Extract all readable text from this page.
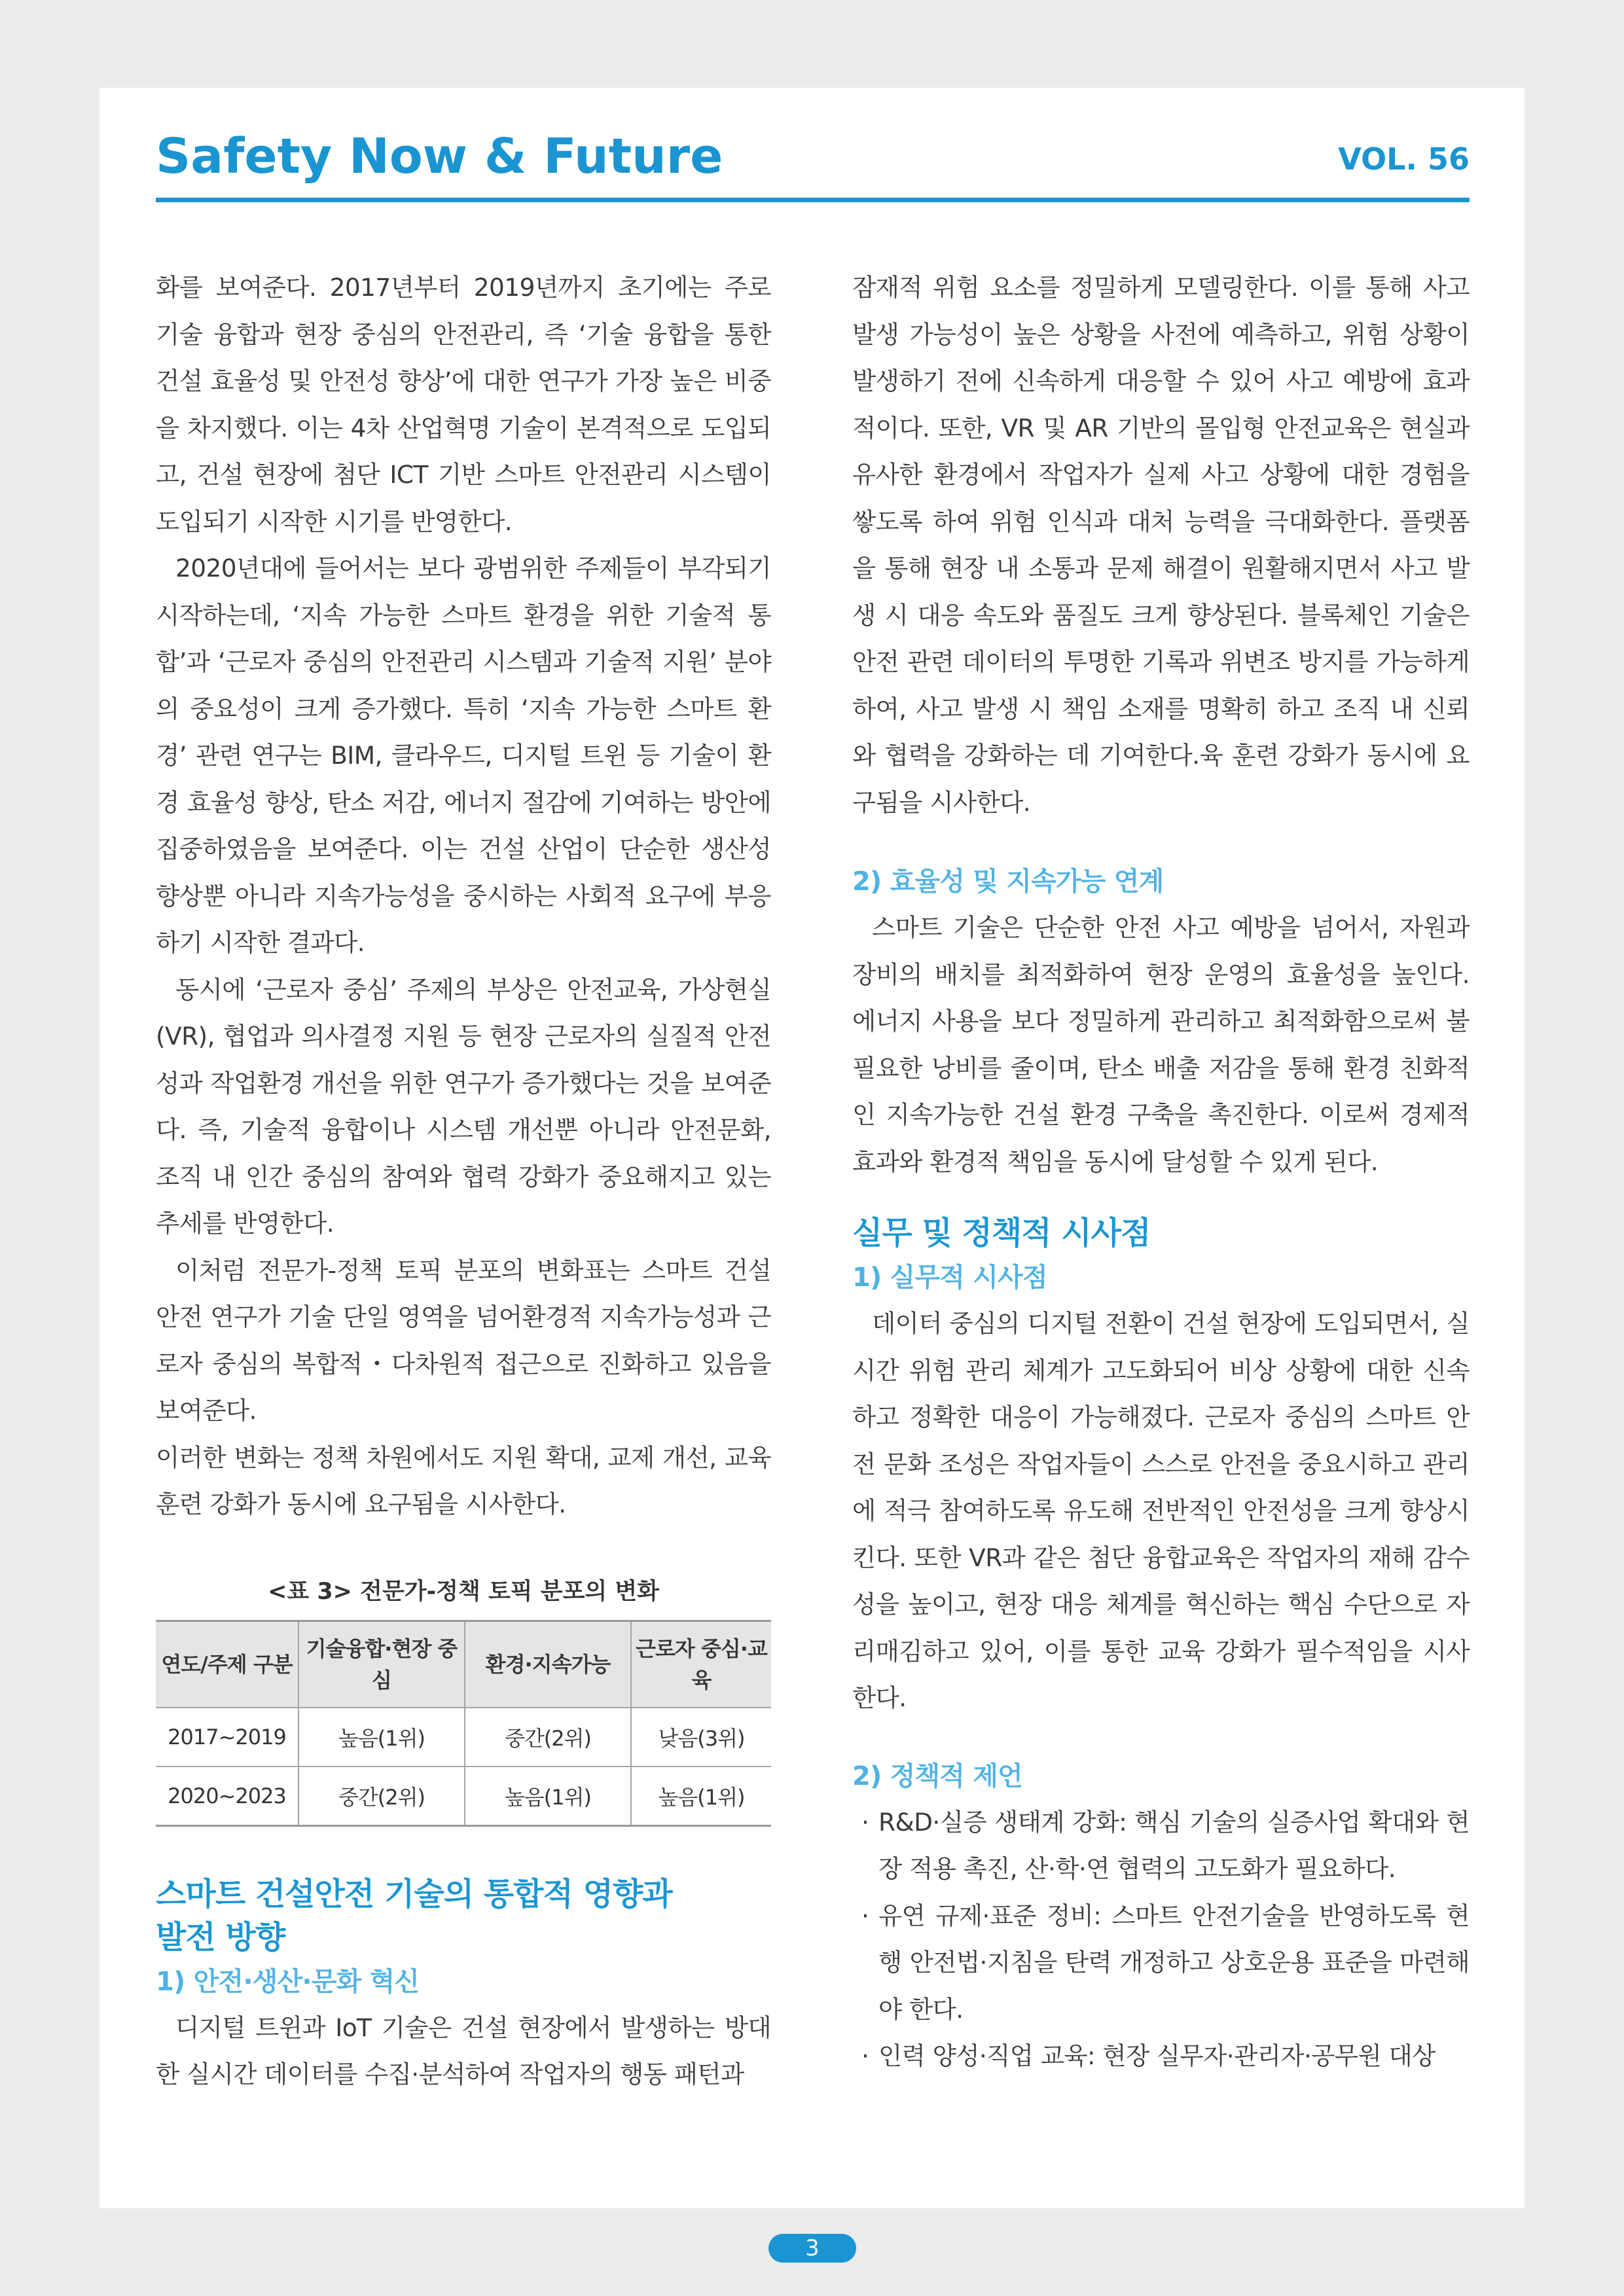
Safety Now & Future	VOL. 56

화를 보여준다. 2017년부터 2019년까지 초기에는 주로 기술 융합과 현장 중심의 안전관리, 즉 ‘기술 융합을 통한 건설 효율성 및 안전성 향상’에 대한 연구가 가장 높은 비중을 차지했다. 이는 4차 산업혁명 기술이 본격적으로 도입되고, 건설 현장에 첨단 ICT 기반 스마트 안전관리 시스템이 도입되기 시작한 시기를 반영한다.

2020년대에 들어서는 보다 광범위한 주제들이 부각되기 시작하는데, ‘지속 가능한 스마트 환경을 위한 기술적 통합’과 ‘근로자 중심의 안전관리 시스템과 기술적 지원’ 분야의 중요성이 크게 증가했다. 특히 ‘지속 가능한 스마트 환경’ 관련 연구는 BIM, 클라우드, 디지털 트윈 등 기술이 환경 효율성 향상, 탄소 저감, 에너지 절감에 기여하는 방안에 집중하였음을 보여준다. 이는 건설 산업이 단순한 생산성 향상뿐 아니라 지속가능성을 중시하는 사회적 요구에 부응하기 시작한 결과다.

동시에 ‘근로자 중심’ 주제의 부상은 안전교육, 가상현실(VR), 협업과 의사결정 지원 등 현장 근로자의 실질적 안전성과 작업환경 개선을 위한 연구가 증가했다는 것을 보여준다. 즉, 기술적 융합이나 시스템 개선뿐 아니라 안전문화, 조직 내 인간 중심의 참여와 협력 강화가 중요해지고 있는 추세를 반영한다.

이처럼 전문가-정책 토픽 분포의 변화표는 스마트 건설 안전 연구가 기술 단일 영역을 넘어환경적 지속가능성과 근로자 중심의 복합적・다차원적 접근으로 진화하고 있음을 보여준다.

이러한 변화는 정책 차원에서도 지원 확대, 교제 개선, 교육훈련 강화가 동시에 요구됨을 시사한다.

<표 3> 전문가-정책 토픽 분포의 변화

연도/주제 구분	기술융합·현장 중심	환경·지속가능	근로자 중심·교육
2017~2019	높음(1위)	중간(2위)	낮음(3위)
2020~2023	중간(2위)	높음(1위)	높음(1위)

스마트 건설안전 기술의 통합적 영향과
발전 방향

1) 안전·생산·문화 혁신

디지털 트윈과 IoT 기술은 건설 현장에서 발생하는 방대한 실시간 데이터를 수집·분석하여 작업자의 행동 패턴과

잠재적 위험 요소를 정밀하게 모델링한다. 이를 통해 사고 발생 가능성이 높은 상황을 사전에 예측하고, 위험 상황이 발생하기 전에 신속하게 대응할 수 있어 사고 예방에 효과적이다. 또한, VR 및 AR 기반의 몰입형 안전교육은 현실과 유사한 환경에서 작업자가 실제 사고 상황에 대한 경험을 쌓도록 하여 위험 인식과 대처 능력을 극대화한다. 플랫폼을 통해 현장 내 소통과 문제 해결이 원활해지면서 사고 발생 시 대응 속도와 품질도 크게 향상된다. 블록체인 기술은 안전 관련 데이터의 투명한 기록과 위변조 방지를 가능하게 하여, 사고 발생 시 책임 소재를 명확히 하고 조직 내 신뢰와 협력을 강화하는 데 기여한다.육 훈련 강화가 동시에 요구됨을 시사한다.

2) 효율성 및 지속가능 연계

스마트 기술은 단순한 안전 사고 예방을 넘어서, 자원과 장비의 배치를 최적화하여 현장 운영의 효율성을 높인다. 에너지 사용을 보다 정밀하게 관리하고 최적화함으로써 불필요한 낭비를 줄이며, 탄소 배출 저감을 통해 환경 친화적인 지속가능한 건설 환경 구축을 촉진한다. 이로써 경제적 효과와 환경적 책임을 동시에 달성할 수 있게 된다.

실무 및 정책적 시사점

1) 실무적 시사점

데이터 중심의 디지털 전환이 건설 현장에 도입되면서, 실시간 위험 관리 체계가 고도화되어 비상 상황에 대한 신속하고 정확한 대응이 가능해졌다. 근로자 중심의 스마트 안전 문화 조성은 작업자들이 스스로 안전을 중요시하고 관리에 적극 참여하도록 유도해 전반적인 안전성을 크게 향상시킨다. 또한 VR과 같은 첨단 융합교육은 작업자의 재해 감수성을 높이고, 현장 대응 체계를 혁신하는 핵심 수단으로 자리매김하고 있어, 이를 통한 교육 강화가 필수적임을 시사한다.

2) 정책적 제언

· R&D·실증 생태계 강화: 핵심 기술의 실증사업 확대와 현장 적용 촉진, 산·학·연 협력의 고도화가 필요하다.
· 유연 규제·표준 정비: 스마트 안전기술을 반영하도록 현행 안전법·지침을 탄력 개정하고 상호운용 표준을 마련해야 한다.
· 인력 양성·직업 교육: 현장 실무자·관리자·공무원 대상
3
